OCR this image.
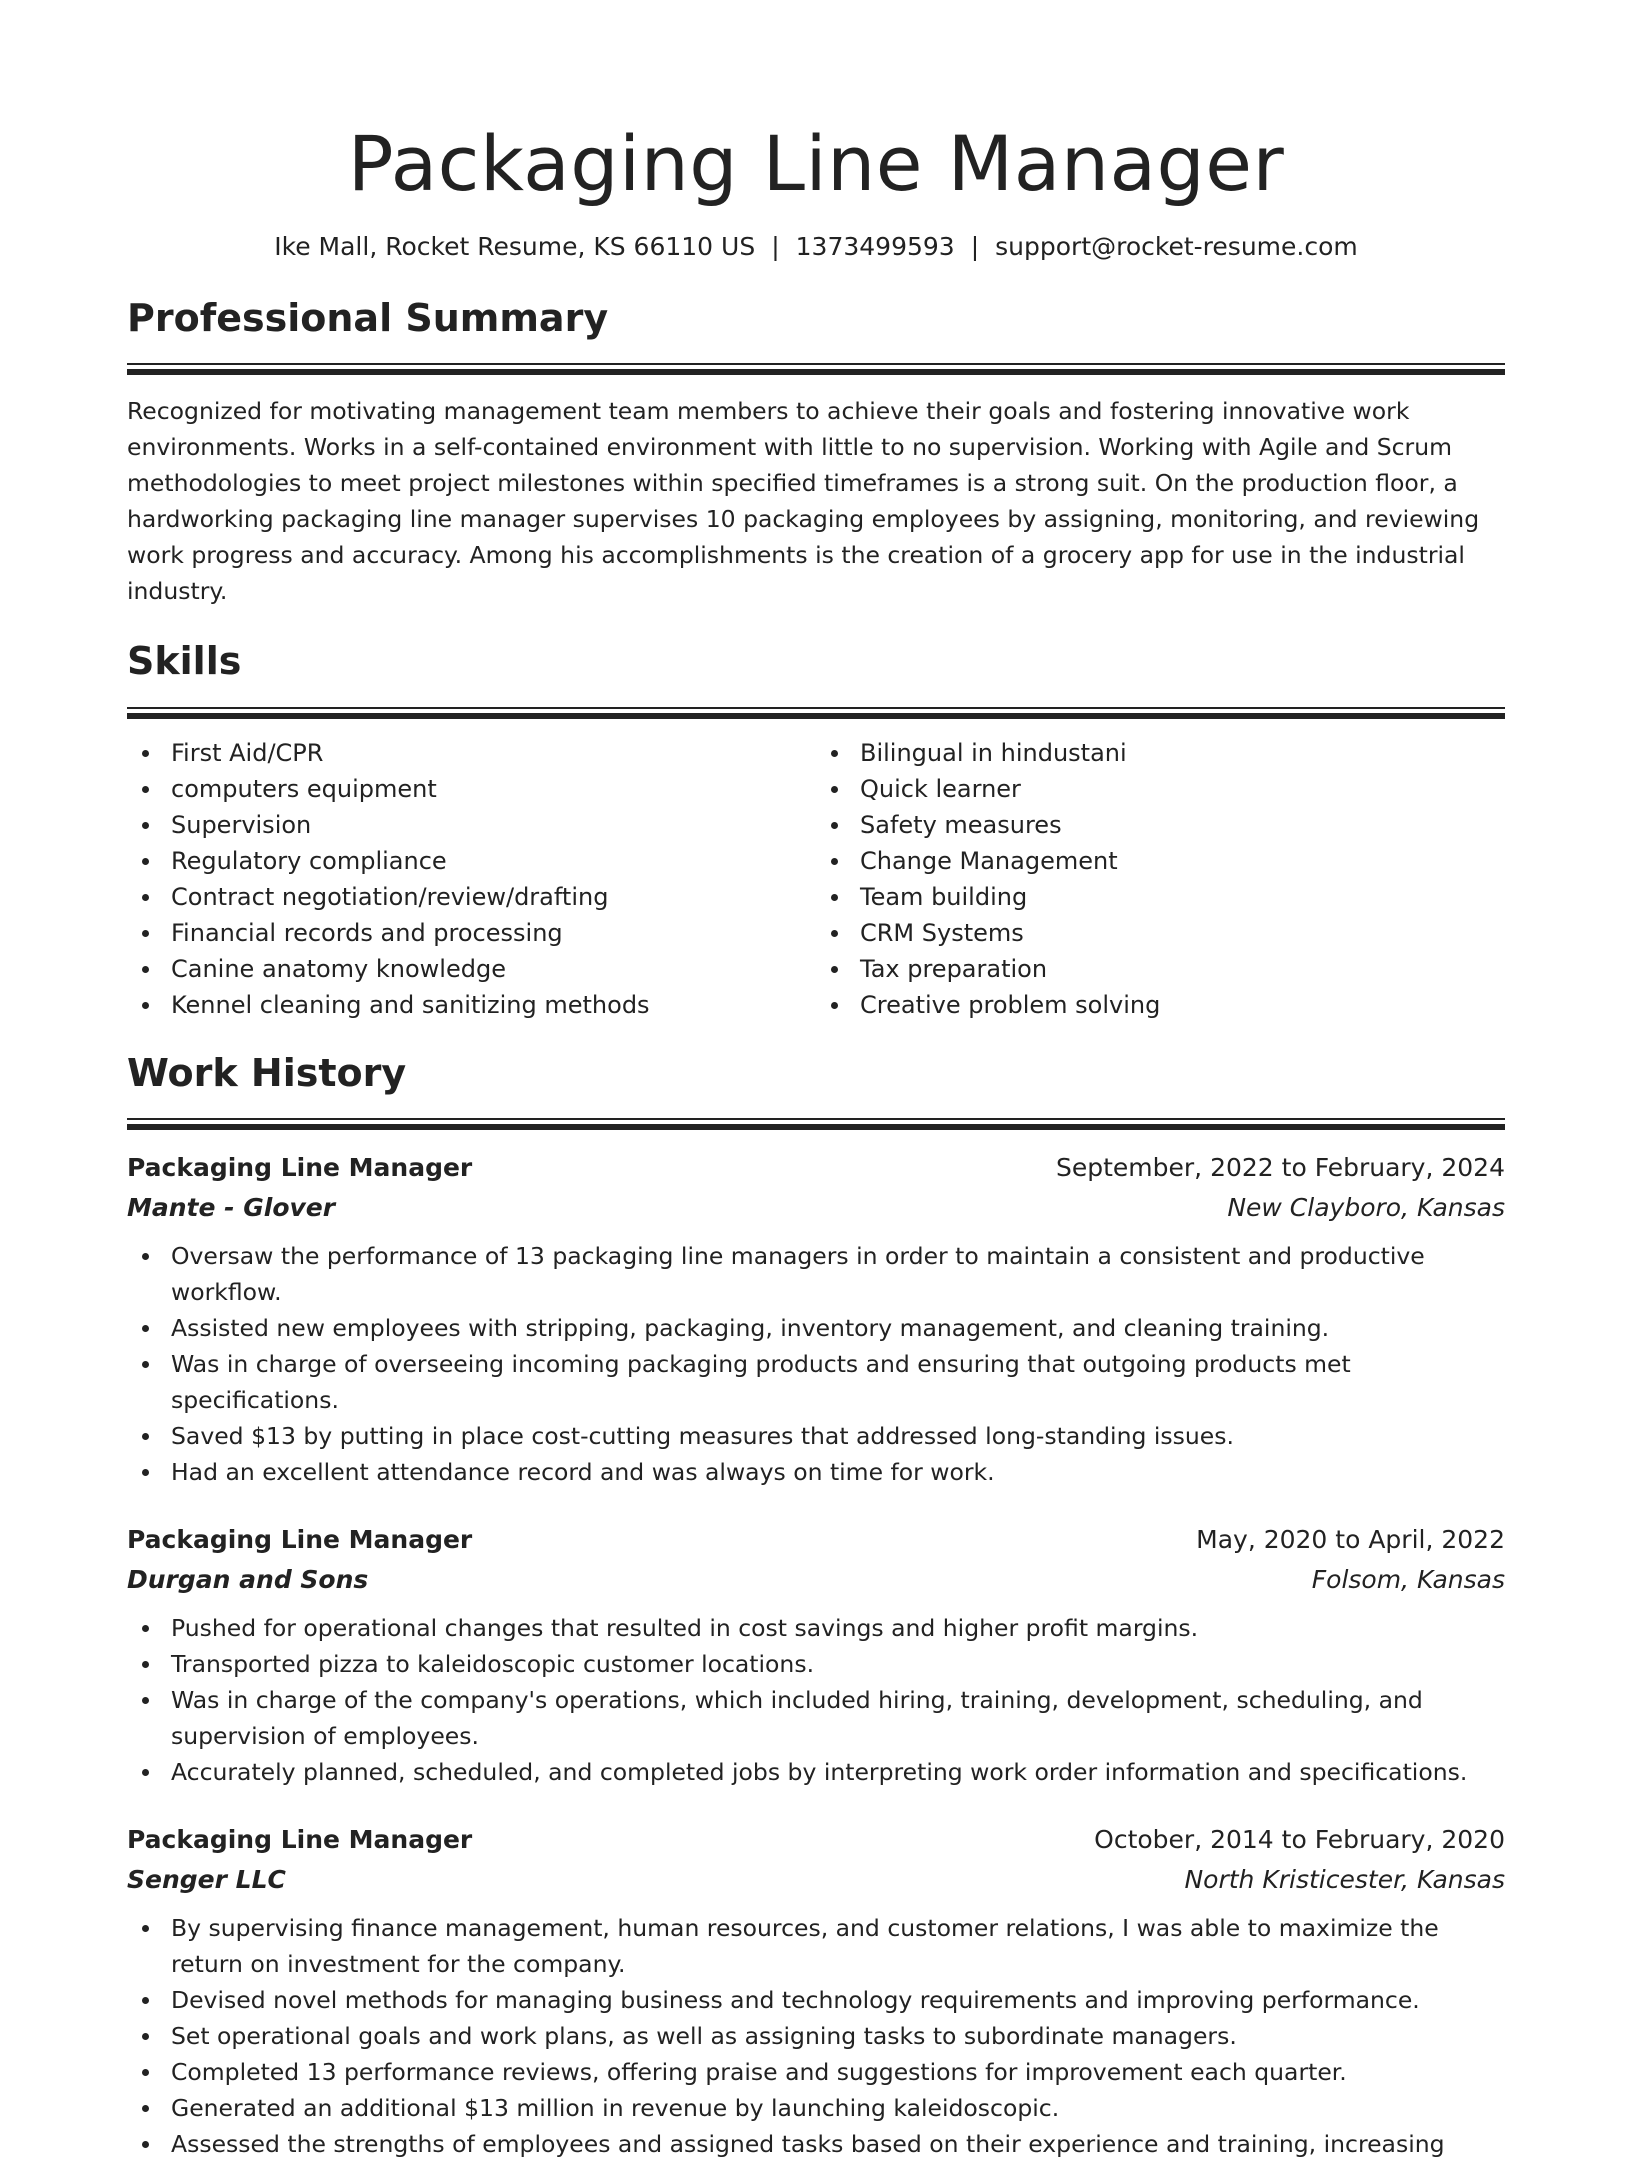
Packaging Line Manager
Ike Mall, Rocket Resume, KS 66110 US | 1373499593 | support@rocket-resume.com
Professional Summary

Recognized for motivating management team members to achieve their goals and fostering innovative work environments. Works in a self-contained environment with little to no supervision. Working with Agile and Scrum methodologies to meet project milestones within specified timeframes is a strong suit. On the production floor, a hardworking packaging line manager supervises 10 packaging employees by assigning, monitoring, and reviewing work progress and accuracy. Among his accomplishments is the creation of a grocery app for use in the industrial industry.

Skills
First Aid/CPR
computers equipment
Supervision
Regulatory compliance
Contract negotiation/review/drafting
Financial records and processing
Canine anatomy knowledge
Kennel cleaning and sanitizing methods
Bilingual in hindustani
Quick learner
Safety measures
Change Management
Team building
CRM Systems
Tax preparation
Creative problem solving
Work History
Packaging Line Manager	September, 2022 to February, 2024
Mante - Glover	New Clayboro, Kansas
Oversaw the performance of 13 packaging line managers in order to maintain a consistent and productive workflow.
Assisted new employees with stripping, packaging, inventory management, and cleaning training.
Was in charge of overseeing incoming packaging products and ensuring that outgoing products met specifications.
Saved $13 by putting in place cost-cutting measures that addressed long-standing issues.
Had an excellent attendance record and was always on time for work.
Packaging Line Manager	May, 2020 to April, 2022
Durgan and Sons	Folsom, Kansas
Pushed for operational changes that resulted in cost savings and higher profit margins.
Transported pizza to kaleidoscopic customer locations.
Was in charge of the company's operations, which included hiring, training, development, scheduling, and supervision of employees.
Accurately planned, scheduled, and completed jobs by interpreting work order information and specifications.
Packaging Line Manager	October, 2014 to February, 2020
Senger LLC	North Kristicester, Kansas
By supervising finance management, human resources, and customer relations, I was able to maximize the return on investment for the company.
Devised novel methods for managing business and technology requirements and improving performance.
Set operational goals and work plans, as well as assigning tasks to subordinate managers.
Completed 13 performance reviews, offering praise and suggestions for improvement each quarter.
Generated an additional $13 million in revenue by launching kaleidoscopic.
Assessed the strengths of employees and assigned tasks based on their experience and training, increasing
